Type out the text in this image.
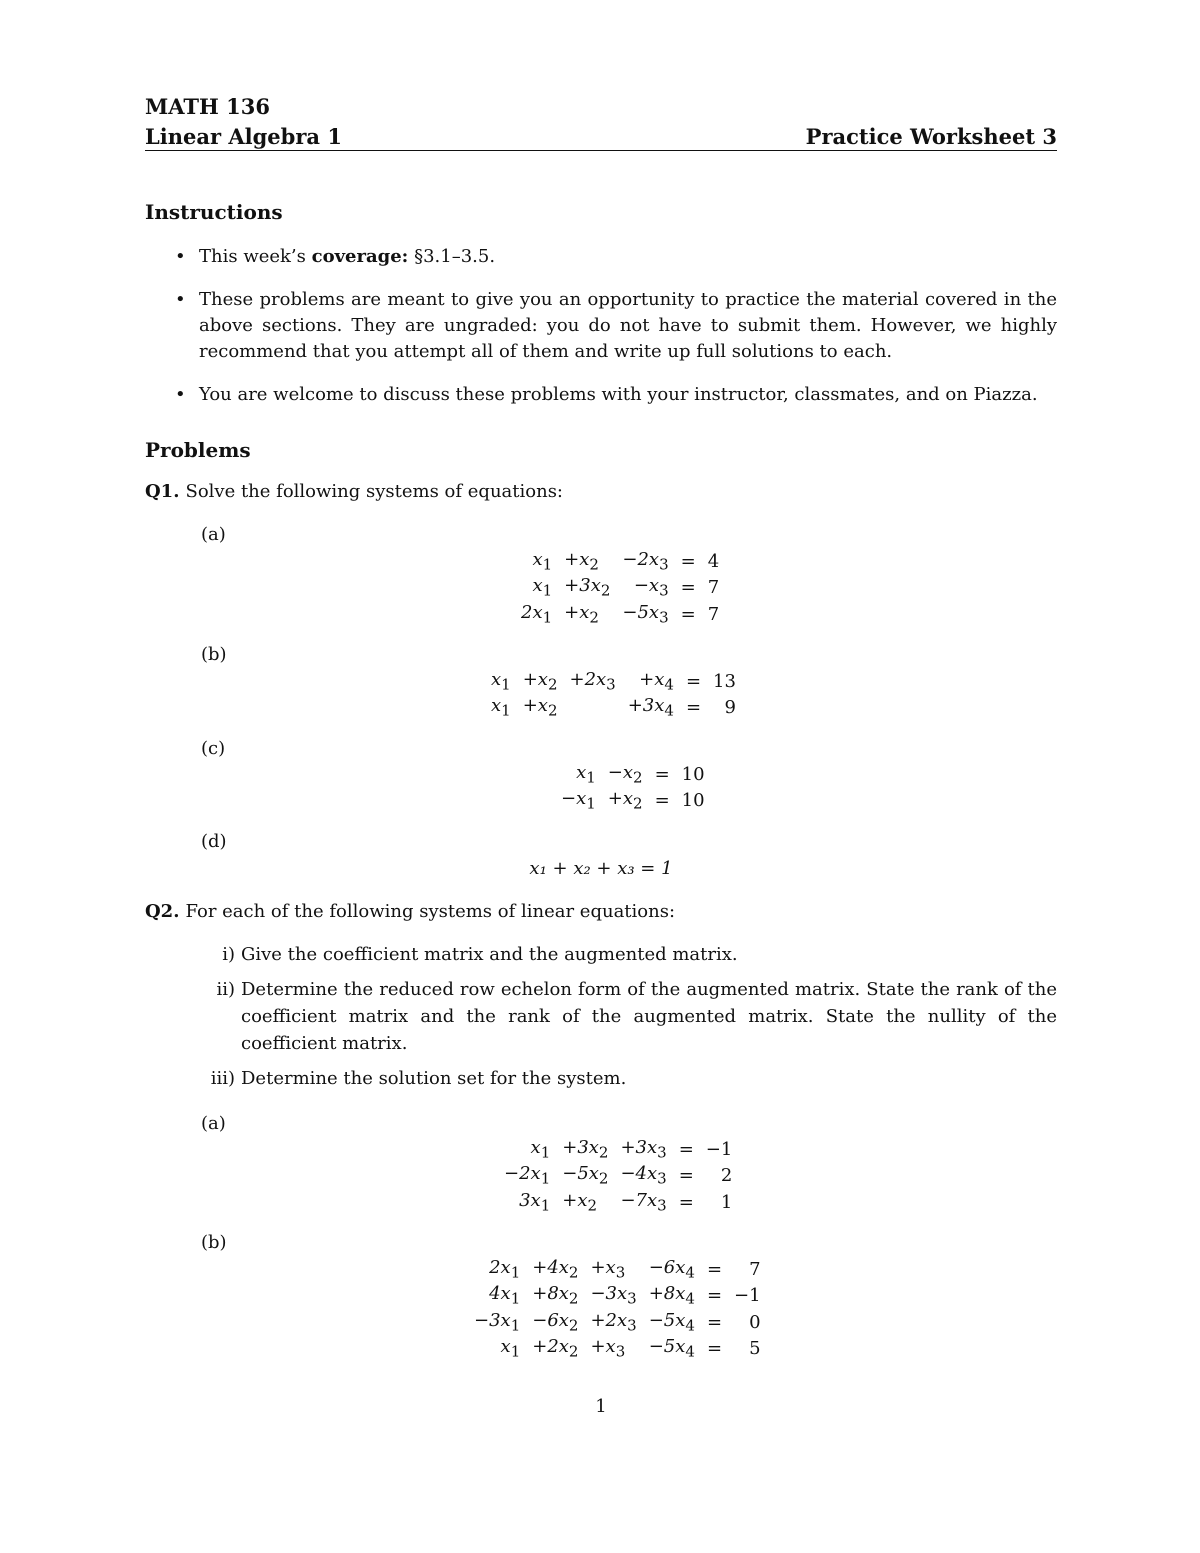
MATH 136
Linear Algebra 1	Practice Worksheet 3
Instructions
• This week’s coverage: §3.1–3.5.
• These problems are meant to give you an opportunity to practice the material covered in the above sections. They are ungraded: you do not have to submit them. However, we highly recommend that you attempt all of them and write up full solutions to each.
• You are welcome to discuss these problems with your instructor, classmates, and on Piazza.
Problems
Q1. Solve the following systems of equations:
(a)
$x_1$	$+x_2$	$-2x_3$	=	4
$x_1$	$+3x_2$	$-x_3$	=	7
$2x_1$	$+x_2$	$-5x_3$	=	7
(b)
$x_1$	$+x_2$	$+2x_3$	$+x_4$	=	13
$x_1$	$+x_2$		$+3x_4$	=	9
(c)
$x_1$	$-x_2$	=	10
$-x_1$	$+x_2$	=	10
(d)
x₁ + x₂ + x₃ = 1
Q2. For each of the following systems of linear equations:
i) Give the coefficient matrix and the augmented matrix.
ii) Determine the reduced row echelon form of the augmented matrix. State the rank of the coefficient matrix and the rank of the augmented matrix. State the nullity of the coefficient matrix.
iii) Determine the solution set for the system.
(a)
$x_1$	$+3x_2$	$+3x_3$	=	−1
$-2x_1$	$-5x_2$	$-4x_3$	=	2
$3x_1$	$+x_2$	$-7x_3$	=	1
(b)
$2x_1$	$+4x_2$	$+x_3$	$-6x_4$	=	7
$4x_1$	$+8x_2$	$-3x_3$	$+8x_4$	=	−1
$-3x_1$	$-6x_2$	$+2x_3$	$-5x_4$	=	0
$x_1$	$+2x_2$	$+x_3$	$-5x_4$	=	5
1
